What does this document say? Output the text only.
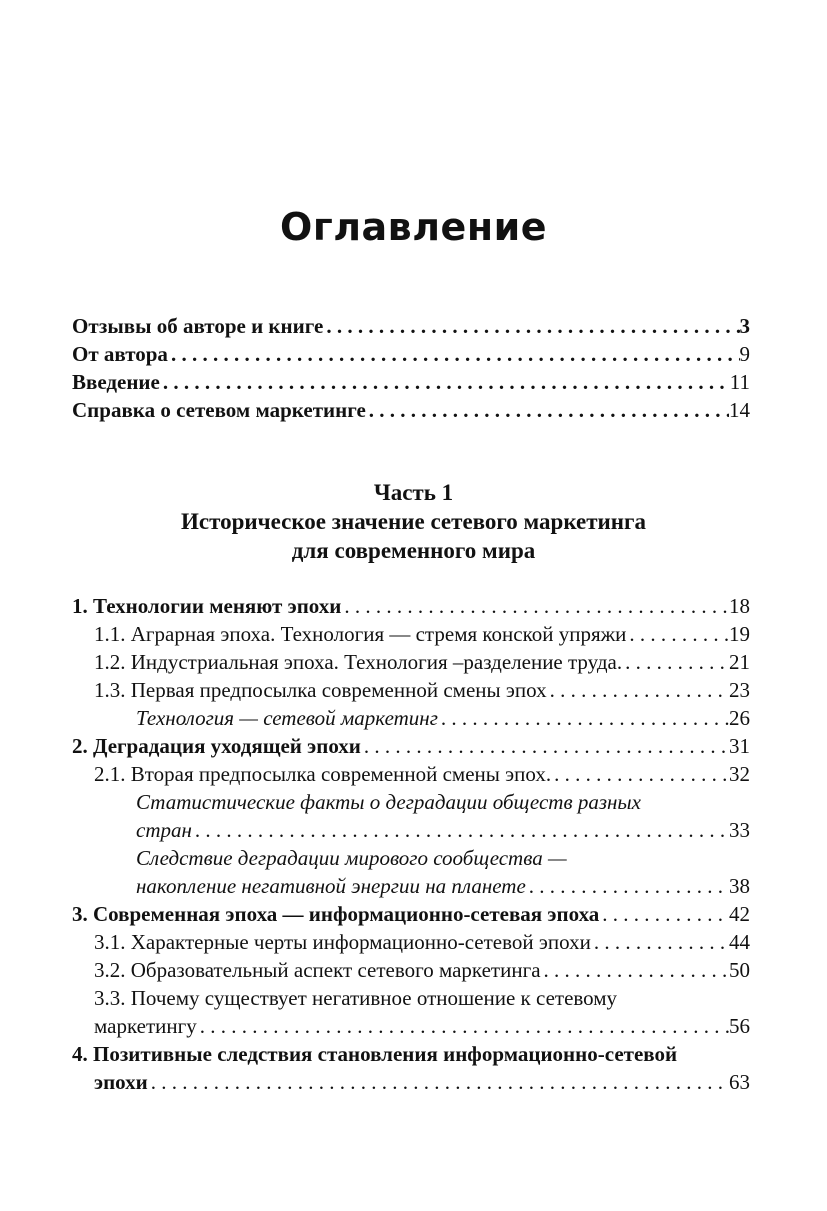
Оглавление
Отзывы об авторе и книге . . .	3
От автора . . .	9
Введение . . .	11
Справка о сетевом маркетинге . . .	14
Часть 1
Историческое значение сетевого маркетинга
для современного мира
1. Технологии меняют эпохи . . .	18
1.1. Аграрная эпоха. Технология — стремя конской упряжи . . .	19
1.2. Индустриальная эпоха. Технология –разделение труда. . . .	21
1.3. Первая предпосылка современной смены эпох . . .	23
Технология — сетевой маркетинг . . .	26
2. Деградация уходящей эпохи . . .	31
2.1. Вторая предпосылка современной смены эпох. . . .	32
Статистические факты о деградации обществ разных
стран . . .	33
Следствие деградации мирового сообщества —
накопление негативной энергии на планете . . .	38
3. Современная эпоха — информационно-сетевая эпоха . . .	42
3.1. Характерные черты информационно-сетевой эпохи . . .	44
3.2. Образовательный аспект сетевого маркетинга . . .	50
3.3. Почему существует негативное отношение к сетевому
маркетингу . . .	56
4. Позитивные следствия становления информационно-сетевой
эпохи . . .	63
